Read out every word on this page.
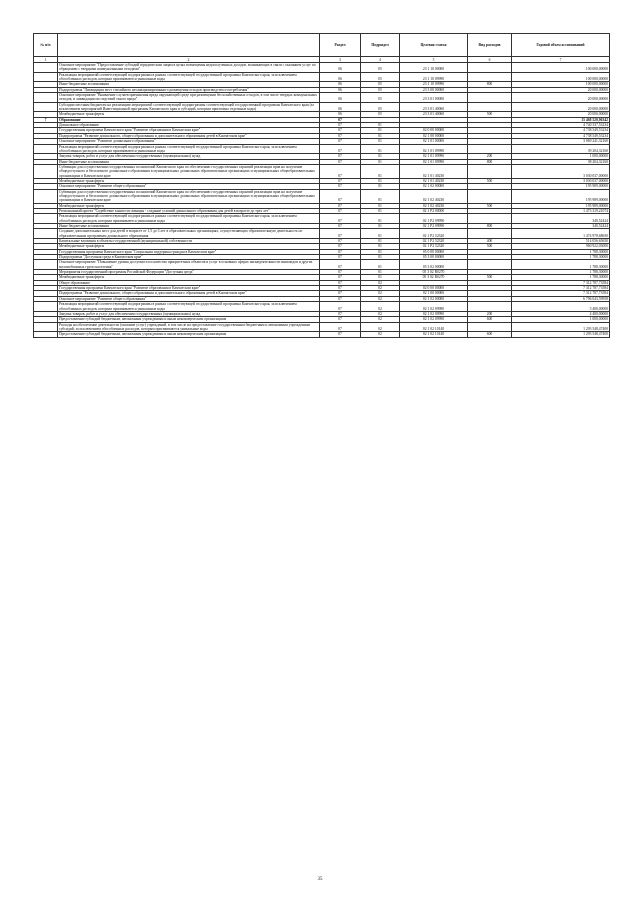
№ п/п		Раздел	Подраздел	Целевая статья	Вид расходов	Годовой объем ассигнований
1	2	3	4	5	6	7
	Основное мероприятие "Предоставление субсидий юридическим лицам в целях возмещения недополученных доходов, возникающих в связи с оказанием услуг по обращению с твердыми коммунальными отходами"	06	05	23 1 10 00000		100 000,00000
	Реализация мероприятий соответствующей подпрограммы в рамках соответствующей государственной программы Камчатского края, за исключением обособленных расходов, которым присваиваются уникальные коды	06	05	23 1 10 09990		100 000,00000
	Иные бюджетные ассигнования	06	05	23 1 10 09990	800	100 000,00000
	Подпрограмма "Ликвидация мест стихийного несанкционированного размещения отходов производства и потребления"	06	05	23 3 00 00000		20 000,00000
	Основное мероприятие "Выявление случаев причинения вреда окружающей среде при размещении бесхозяйственных отходов, в том числе твердых коммунальных отходов, и ликвидация последствий такого вреда"	06	05	23 3 01 00000		20 000,00000
	Субсидии местным бюджетам на реализацию мероприятий соответствующей подпрограммы соответствующей государственной программы Камчатского края (за исключением мероприятий Инвестиционной программы Камчатского края и субсидий, которым присвоены отдельные коды)	06	05	23 3 01 40060		20 000,00000
	Межбюджетные трансферты	06	05	23 3 01 40060	500	20 000,00000
7	Образование	07				15 468 520,96342
	Дошкольное образование	07	01			4 740 337,53234
	Государственная программа Камчатского края "Развитие образования в Камчатском крае"	07	01	02 0 00 00000		4 738 549,53234
	Подпрограмма "Развитие дошкольного, общего образования и дополнительного образования детей в Камчатском крае"	07	01	02 1 00 00000		4 738 549,53234
	Основное мероприятие "Развитие дошкольного образования"	07	01	02 1 01 00000		3 069 241,32160
	Реализация мероприятий соответствующей подпрограммы в рамках соответствующей государственной программы Камчатского края, за исключением обособленных расходов, которым присваиваются уникальные коды	07	01	02 1 01 09990		39 204,32160
	Закупка товаров, работ и услуг для обеспечения государственных (муниципальных) нужд	07	01	02 1 01 09990	200	1 000,00000
	Иные бюджетные ассигнования	07	01	02 1 01 09990	800	38 204,32160
	Субвенции для осуществления государственных полномочий Камчатского края по обеспечению государственных гарантий реализации прав на получение общедоступного и бесплатного дошкольного образования в муниципальных дошкольных образовательных организациях и муниципальных общеобразовательных организациях в Камчатском крае	07	01	02 1 01 40230		3 030 037,00000
	Межбюджетные трансферты	07	01	02 1 01 40230	500	3 030 037,00000
	Основное мероприятие "Развитие общего образования"	07	01	02 1 02 00000		195 989,00000
	Субвенции для осуществления государственных полномочий Камчатского края по обеспечению государственных гарантий реализации прав на получение общедоступного и бесплатного дошкольного образования в муниципальных дошкольных образовательных организациях и муниципальных общеобразовательных организациях в Камчатском крае	07	01	02 1 02 40230		195 989,00000
	Межбюджетные трансферты	07	01	02 1 02 40230	500	195 989,00000
	Региональный проект "Содействие занятости женщин - создание условий дошкольного образования для детей в возрасте до трех лет"	07	01	02 1 P2 00000		1 473 319,21074
	Реализация мероприятий соответствующей подпрограммы в рамках соответствующей государственной программы Камчатского края, за исключением обособленных расходов, которым присваиваются уникальные коды	07	01	02 1 P2 09990		340,52424
	Иные бюджетные ассигнования	07	01	02 1 P2 09990	800	340,52424
	Создание дополнительных мест для детей в возрасте от 1,5 до 3 лет в образовательных организациях, осуществляющих образовательную деятельность по образовательным программам дошкольного образования	07	01	02 1 P2 52320		1 474 978,68650
	Капитальные вложения в объекты государственной (муниципальной) собственности	07	01	02 1 P2 52320	400	514 056,65650
	Межбюджетные трансферты	07	01	02 1 P2 52320	500	960 922,03000
	Государственная программа Камчатского края "Социальная поддержка граждан в Камчатском крае"	07	01	05 0 00 00000		1 788,30000
	Подпрограмма "Доступная среда в Камчатском крае"	07	01	05 3 00 00000		1 788,30000
	Основное мероприятие "Повышение уровня доступности и качества приоритетных объектов и услуг в основных сферах жизнедеятельности инвалидов и других маломобильных групп населения"	07	01	05 3 02 00000		1 788,30000
	Мероприятия государственной программы Российской Федерации "Доступная среда"	07	01	05 3 02 R0270		1 788,30000
	Межбюджетные трансферты	07	01	05 3 02 R0270	500	1 788,30000
	Общее образование	07	02			7 312 787,73584
	Государственная программа Камчатского края "Развитие образования в Камчатском крае"	07	02	02 0 00 00000		7 312 787,73584
	Подпрограмма "Развитие дошкольного, общего образования и дополнительного образования детей в Камчатском крае"	07	02	02 1 00 00000		7 312 787,73584
	Основное мероприятие "Развитие общего образования"	07	02	02 1 02 00000		6 796 043,59958
	Реализация мероприятий соответствующей подпрограммы в рамках соответствующей государственной программы Камчатского края, за исключением обособленных расходов, которым присваиваются уникальные коды	07	02	02 1 02 09990		5 400,00000
	Закупка товаров, работ и услуг для обеспечения государственных (муниципальных) нужд	07	02	02 1 02 09990	200	4 400,00000
	Предоставление субсидий бюджетным, автономным учреждениям и иным некоммерческим организациям	07	02	02 1 02 09990	600	1 000,00000
	Расходы на обеспечение деятельности (оказание услуг) учреждений, в том числе на предоставление государственным бюджетным и автономным учреждениям субсидий, за исключением обособленных расходов, которым присваиваются уникальные коды	07	02	02 1 02 10140		1 293 548,47400
	Предоставление субсидий бюджетным, автономным учреждениям и иным некоммерческим организациям	07	02	02 1 02 10140	600	1 293 548,47400
35
